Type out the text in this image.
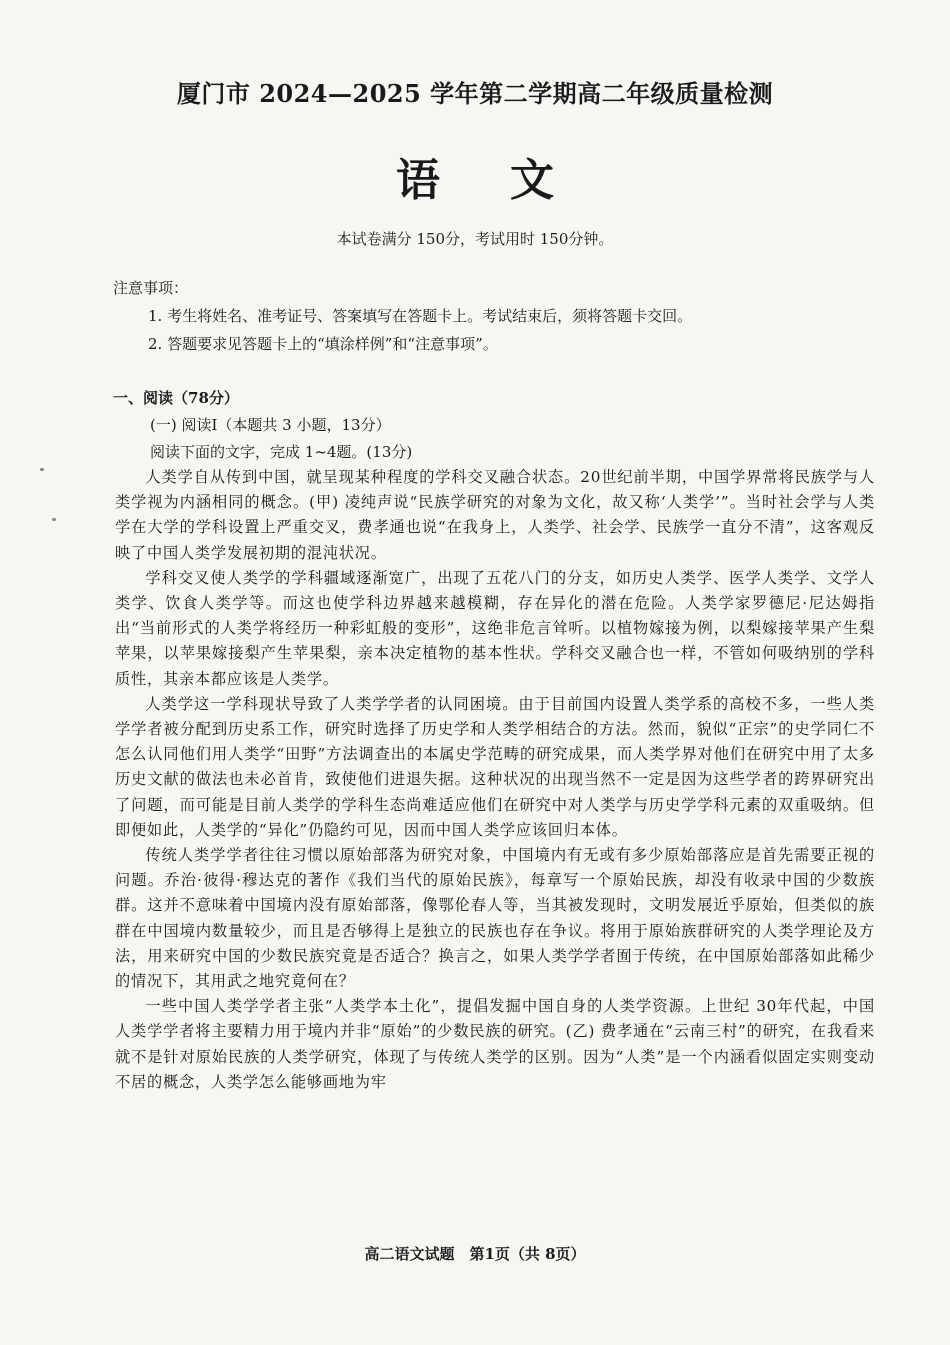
厦门市 2024—2025 学年第二学期高二年级质量检测
语文
本试卷满分 150分，考试用时 150分钟。
注意事项：
1. 考生将姓名、准考证号、答案填写在答题卡上。考试结束后，须将答题卡交回。
2. 答题要求见答题卡上的“填涂样例”和“注意事项”。
一、阅读（78分）
(一) 阅读Ⅰ（本题共 3 小题，13分）
阅读下面的文字，完成 1~4题。(13分)

人类学自从传到中国，就呈现某种程度的学科交叉融合状态。20世纪前半期，中国学界常将民族学与人类学视为内涵相同的概念。(甲) 凌纯声说“民族学研究的对象为文化，故又称‘人类学’”。当时社会学与人类学在大学的学科设置上严重交叉，费孝通也说“在我身上，人类学、社会学、民族学一直分不清”，这客观反映了中国人类学发展初期的混沌状况。

学科交叉使人类学的学科疆域逐渐宽广，出现了五花八门的分支，如历史人类学、医学人类学、文学人类学、饮食人类学等。而这也使学科边界越来越模糊，存在异化的潜在危险。人类学家罗德尼·尼达姆指出“当前形式的人类学将经历一种彩虹般的变形”，这绝非危言耸听。以植物嫁接为例，以梨嫁接苹果产生梨苹果，以苹果嫁接梨产生苹果梨，亲本决定植物的基本性状。学科交叉融合也一样，不管如何吸纳别的学科质性，其亲本都应该是人类学。

人类学这一学科现状导致了人类学学者的认同困境。由于目前国内设置人类学系的高校不多，一些人类学学者被分配到历史系工作，研究时选择了历史学和人类学相结合的方法。然而，貌似“正宗”的史学同仁不怎么认同他们用人类学“田野”方法调查出的本属史学范畴的研究成果，而人类学界对他们在研究中用了太多历史文献的做法也未必首肯，致使他们进退失据。这种状况的出现当然不一定是因为这些学者的跨界研究出了问题，而可能是目前人类学的学科生态尚难适应他们在研究中对人类学与历史学学科元素的双重吸纳。但即便如此，人类学的“异化”仍隐约可见，因而中国人类学应该回归本体。

传统人类学学者往往习惯以原始部落为研究对象，中国境内有无或有多少原始部落应是首先需要正视的问题。乔治·彼得·穆达克的著作《我们当代的原始民族》，每章写一个原始民族，却没有收录中国的少数族群。这并不意味着中国境内没有原始部落，像鄂伦春人等，当其被发现时，文明发展近乎原始，但类似的族群在中国境内数量较少，而且是否够得上是独立的民族也存在争议。将用于原始族群研究的人类学理论及方法，用来研究中国的少数民族究竟是否适合？换言之，如果人类学学者囿于传统，在中国原始部落如此稀少的情况下，其用武之地究竟何在？

一些中国人类学学者主张“人类学本土化”，提倡发掘中国自身的人类学资源。上世纪 30年代起，中国人类学学者将主要精力用于境内并非“原始”的少数民族的研究。(乙) 费孝通在“云南三村”的研究，在我看来就不是针对原始民族的人类学研究，体现了与传统人类学的区别。因为“人类”是一个内涵看似固定实则变动不居的概念，人类学怎么能够画地为牢

高二语文试题　第1页（共 8页）
